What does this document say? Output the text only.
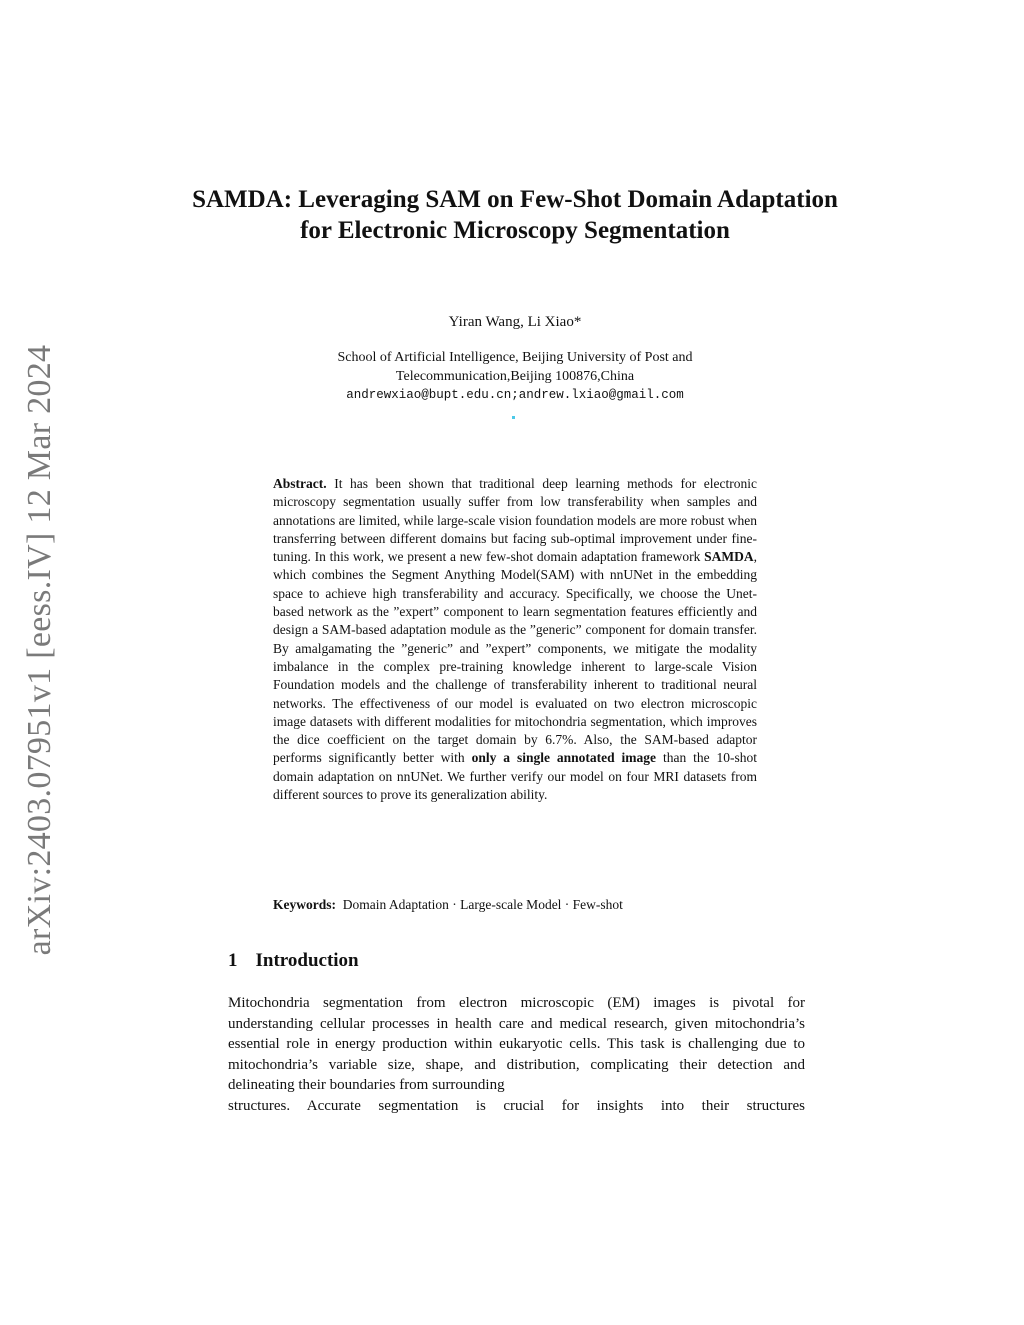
arXiv:2403.07951v1 [eess.IV] 12 Mar 2024
SAMDA: Leveraging SAM on Few-Shot Domain Adaptation for Electronic Microscopy Segmentation
Yiran Wang, Li Xiao*
School of Artificial Intelligence, Beijing University of Post and
Telecommunication,Beijing 100876,China
andrewxiao@bupt.edu.cn;andrew.lxiao@gmail.com

Abstract. It has been shown that traditional deep learning methods for electronic microscopy segmentation usually suffer from low transferability when samples and annotations are limited, while large-scale vision foundation models are more robust when transferring between different domains but facing sub-optimal improvement under fine-tuning. In this work, we present a new few-shot domain adaptation framework SAMDA, which combines the Segment Anything Model(SAM) with nnUNet in the embedding space to achieve high transferability and accuracy. Specifically, we choose the Unet-based network as the ”expert” component to learn segmentation features efficiently and design a SAM-based adaptation module as the ”generic” component for domain transfer. By amalgamating the ”generic” and ”expert” components, we mitigate the modality imbalance in the complex pre-training knowledge inherent to large-scale Vision Foundation models and the challenge of transferability inherent to traditional neural networks. The effectiveness of our model is evaluated on two electron microscopic image datasets with different modalities for mitochondria segmentation, which improves the dice coefficient on the target domain by 6.7%. Also, the SAM-based adaptor performs significantly better with only a single annotated image than the 10-shot domain adaptation on nnUNet. We further verify our model on four MRI datasets from different sources to prove its generalization ability.

Keywords: Domain Adaptation · Large-scale Model · Few-shot
1 Introduction

Mitochondria segmentation from electron microscopic (EM) images is pivotal for understanding cellular processes in health care and medical research, given mitochondria’s essential role in energy production within eukaryotic cells. This task is challenging due to mitochondria’s variable size, shape, and distribution, complicating their detection and delineating their boundaries from surrounding

structures. Accurate segmentation is crucial for insights into their structures
